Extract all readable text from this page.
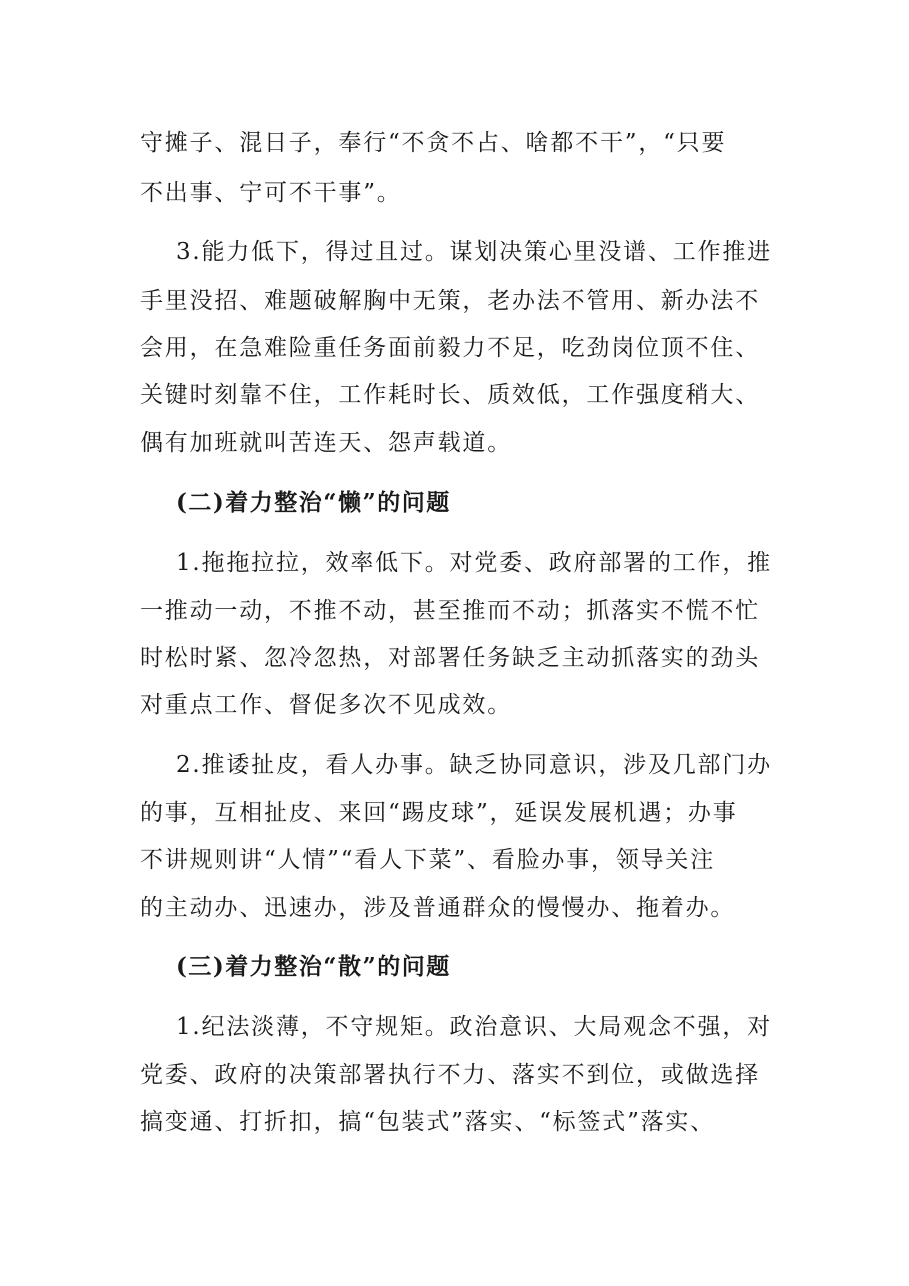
守摊子、混日子，奉行“不贪不占、啥都不干”，“只要
不出事、宁可不干事”。
3.能力低下，得过且过。谋划决策心里没谱、工作推进
手里没招、难题破解胸中无策，老办法不管用、新办法不
会用，在急难险重任务面前毅力不足，吃劲岗位顶不住、
关键时刻靠不住，工作耗时长、质效低，工作强度稍大、
偶有加班就叫苦连天、怨声载道。
(二)着力整治“懒”的问题
1.拖拖拉拉，效率低下。对党委、政府部署的工作，推
一推动一动，不推不动，甚至推而不动；抓落实不慌不忙
时松时紧、忽冷忽热，对部署任务缺乏主动抓落实的劲头
对重点工作、督促多次不见成效。
2.推诿扯皮，看人办事。缺乏协同意识，涉及几部门办
的事，互相扯皮、来回“踢皮球”，延误发展机遇；办事
不讲规则讲“人情”“看人下菜”、看脸办事，领导关注
的主动办、迅速办，涉及普通群众的慢慢办、拖着办。
(三)着力整治“散”的问题
1.纪法淡薄，不守规矩。政治意识、大局观念不强，对
党委、政府的决策部署执行不力、落实不到位，或做选择
搞变通、打折扣，搞“包装式”落实、“标签式”落实、
